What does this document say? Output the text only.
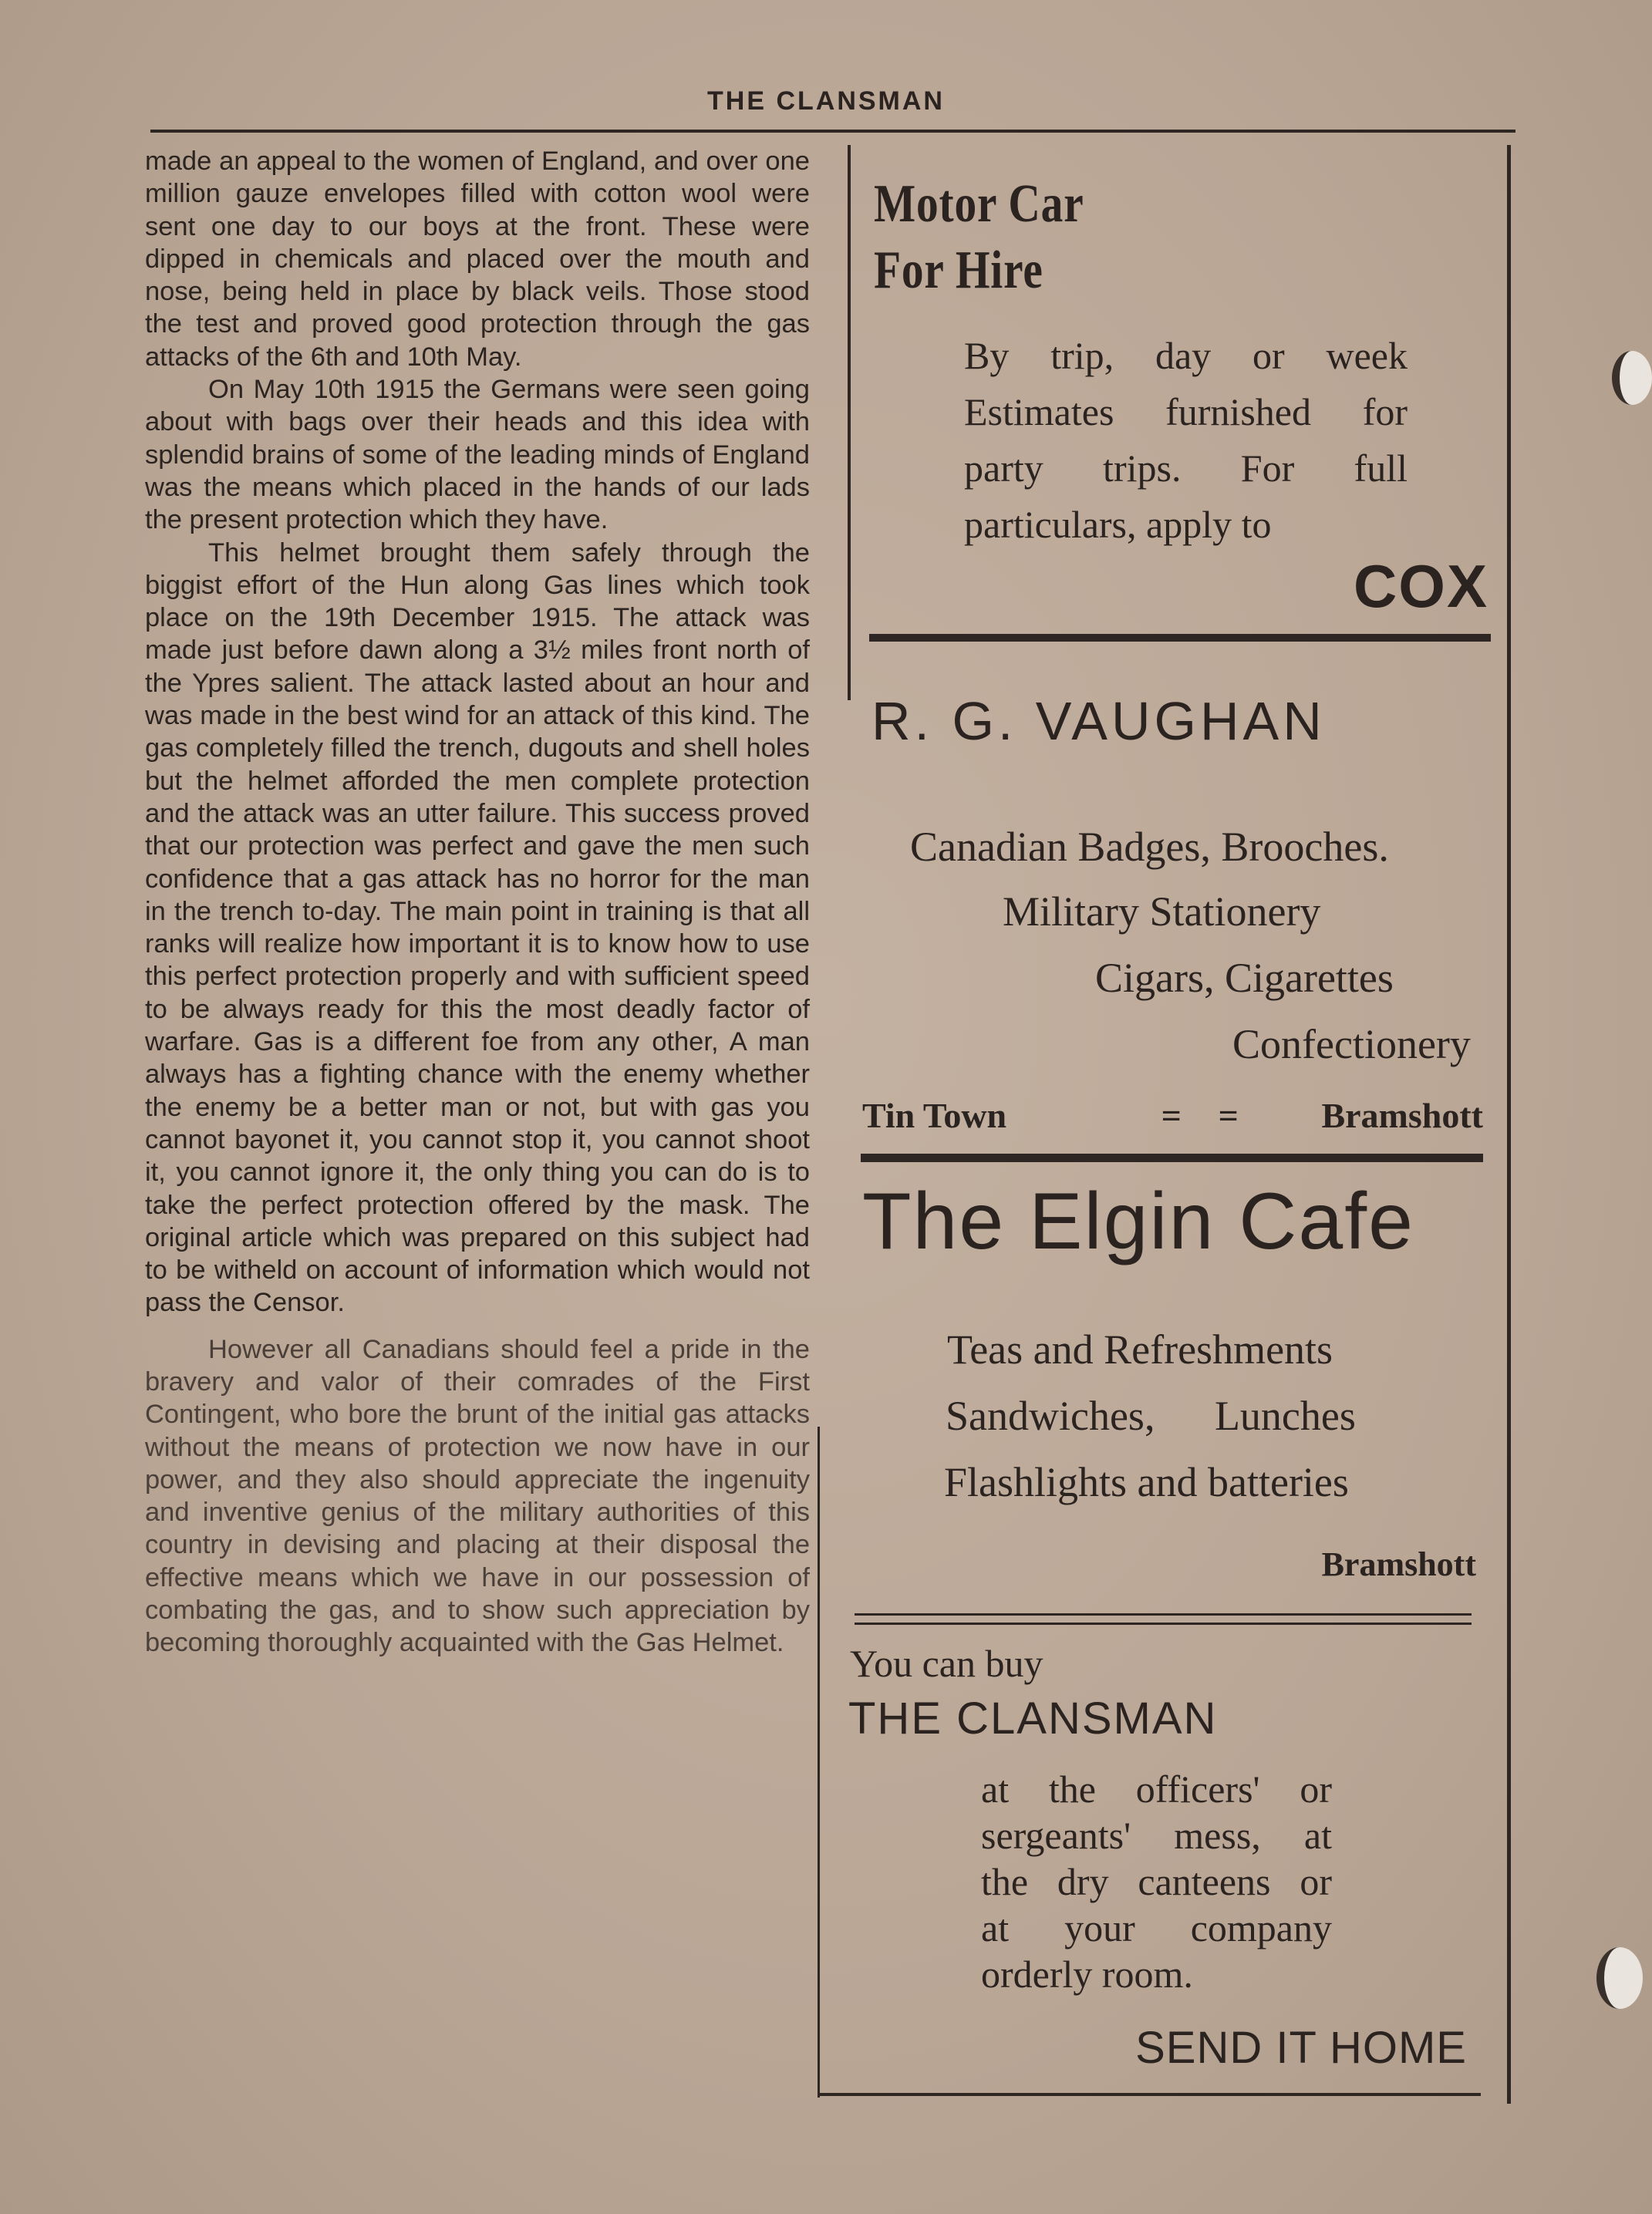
THE CLANSMAN

made an appeal to the women of England, and over one million gauze envelopes filled with cotton wool were sent one day to our boys at the front. These were dipped in chemicals and placed over the mouth and nose, being held in place by black veils. Those stood the test and proved good protection through the gas attacks of the 6th and 10th May.

On May 10th 1915 the Germans were seen going about with bags over their heads and this idea with splendid brains of some of the leading minds of England was the means which placed in the hands of our lads the present protection which they have.

This helmet brought them safely through the biggist effort of the Hun along Gas lines which took place on the 19th December 1915. The attack was made just before dawn along a 3½ miles front north of the Ypres salient. The attack lasted about an hour and was made in the best wind for an attack of this kind. The gas completely filled the trench, dugouts and shell holes but the helmet afforded the men complete protection and the attack was an utter failure. This success proved that our protection was perfect and gave the men such confidence that a gas attack has no horror for the man in the trench to-day. The main point in training is that all ranks will realize how important it is to know how to use this perfect protection properly and with sufficient speed to be always ready for this the most deadly factor of warfare. Gas is a different foe from any other, A man always has a fighting chance with the enemy whether the enemy be a better man or not, but with gas you cannot bayonet it, you cannot stop it, you cannot shoot it, you cannot ignore it, the only thing you can do is to take the perfect protection offered by the mask. The original article which was prepared on this subject had to be witheld on account of information which would not pass the Censor.

However all Canadians should feel a pride in the bravery and valor of their comrades of the First Contingent, who bore the brunt of the initial gas attacks without the means of protection we now have in our power, and they also should appreciate the ingenuity and inventive genius of the military authorities of this country in devising and placing at their disposal the effective means which we have in our possession of combating the gas, and to show such appreciation by becoming thoroughly acquainted with the Gas Helmet.

Motor Car
For Hire
By trip, day or week
Estimates furnished for
party trips. For full
particulars, apply to
COX
R. G. VAUGHAN
Canadian Badges, Brooches.
Military Stationery
Cigars, Cigarettes
Confectionery
Tin Town	= = Bramshott
The Elgin Cafe
Teas and Refreshments
Sandwiches, Lunches
Flashlights and batteries
Bramshott
You can buy
THE CLANSMAN
at the officers' or
sergeants' mess, at
the dry canteens or
at your company
orderly room.
SEND IT HOME
